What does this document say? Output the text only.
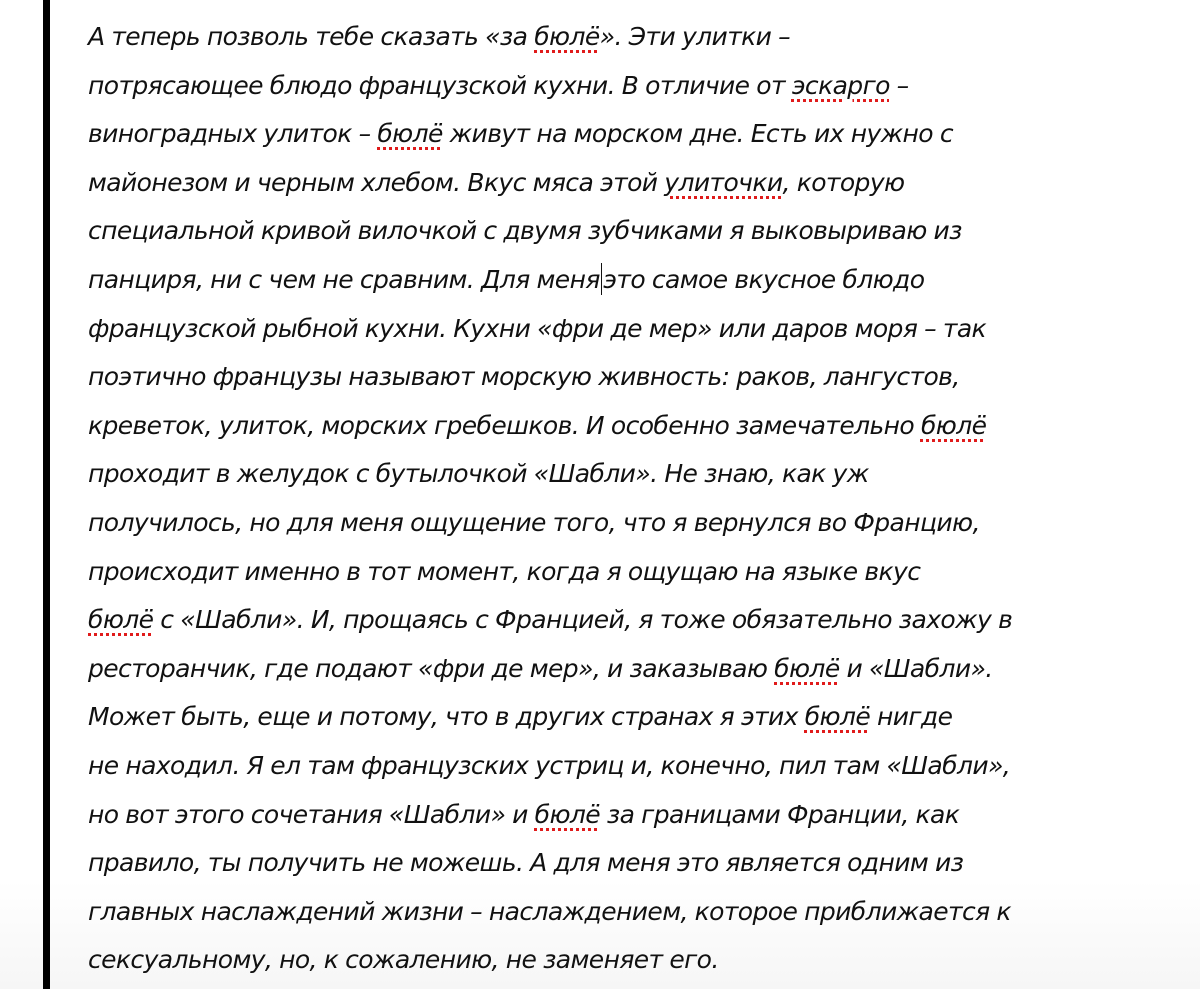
А теперь позволь тебе сказать «за бюлё». Эти улитки –
потрясающее блюдо французской кухни. В отличие от эскарго –
виноградных улиток – бюлё живут на морском дне. Есть их нужно с
майонезом и черным хлебом. Вкус мяса этой улиточки, которую
специальной кривой вилочкой с двумя зубчиками я выковыриваю из
панциря, ни с чем не сравним. Для меня это самое вкусное блюдо
французской рыбной кухни. Кухни «фри де мер» или даров моря – так
поэтично французы называют морскую живность: раков, лангустов,
креветок, улиток, морских гребешков. И особенно замечательно бюлё
проходит в желудок с бутылочкой «Шабли». Не знаю, как уж
получилось, но для меня ощущение того, что я вернулся во Францию,
происходит именно в тот момент, когда я ощущаю на языке вкус
бюлё с «Шабли». И, прощаясь с Францией, я тоже обязательно захожу в
ресторанчик, где подают «фри де мер», и заказываю бюлё и «Шабли».
Может быть, еще и потому, что в других странах я этих бюлё нигде
не находил. Я ел там французских устриц и, конечно, пил там «Шабли»,
но вот этого сочетания «Шабли» и бюлё за границами Франции, как
правило, ты получить не можешь. А для меня это является одним из
главных наслаждений жизни – наслаждением, которое приближается к
сексуальному, но, к сожалению, не заменяет его.
